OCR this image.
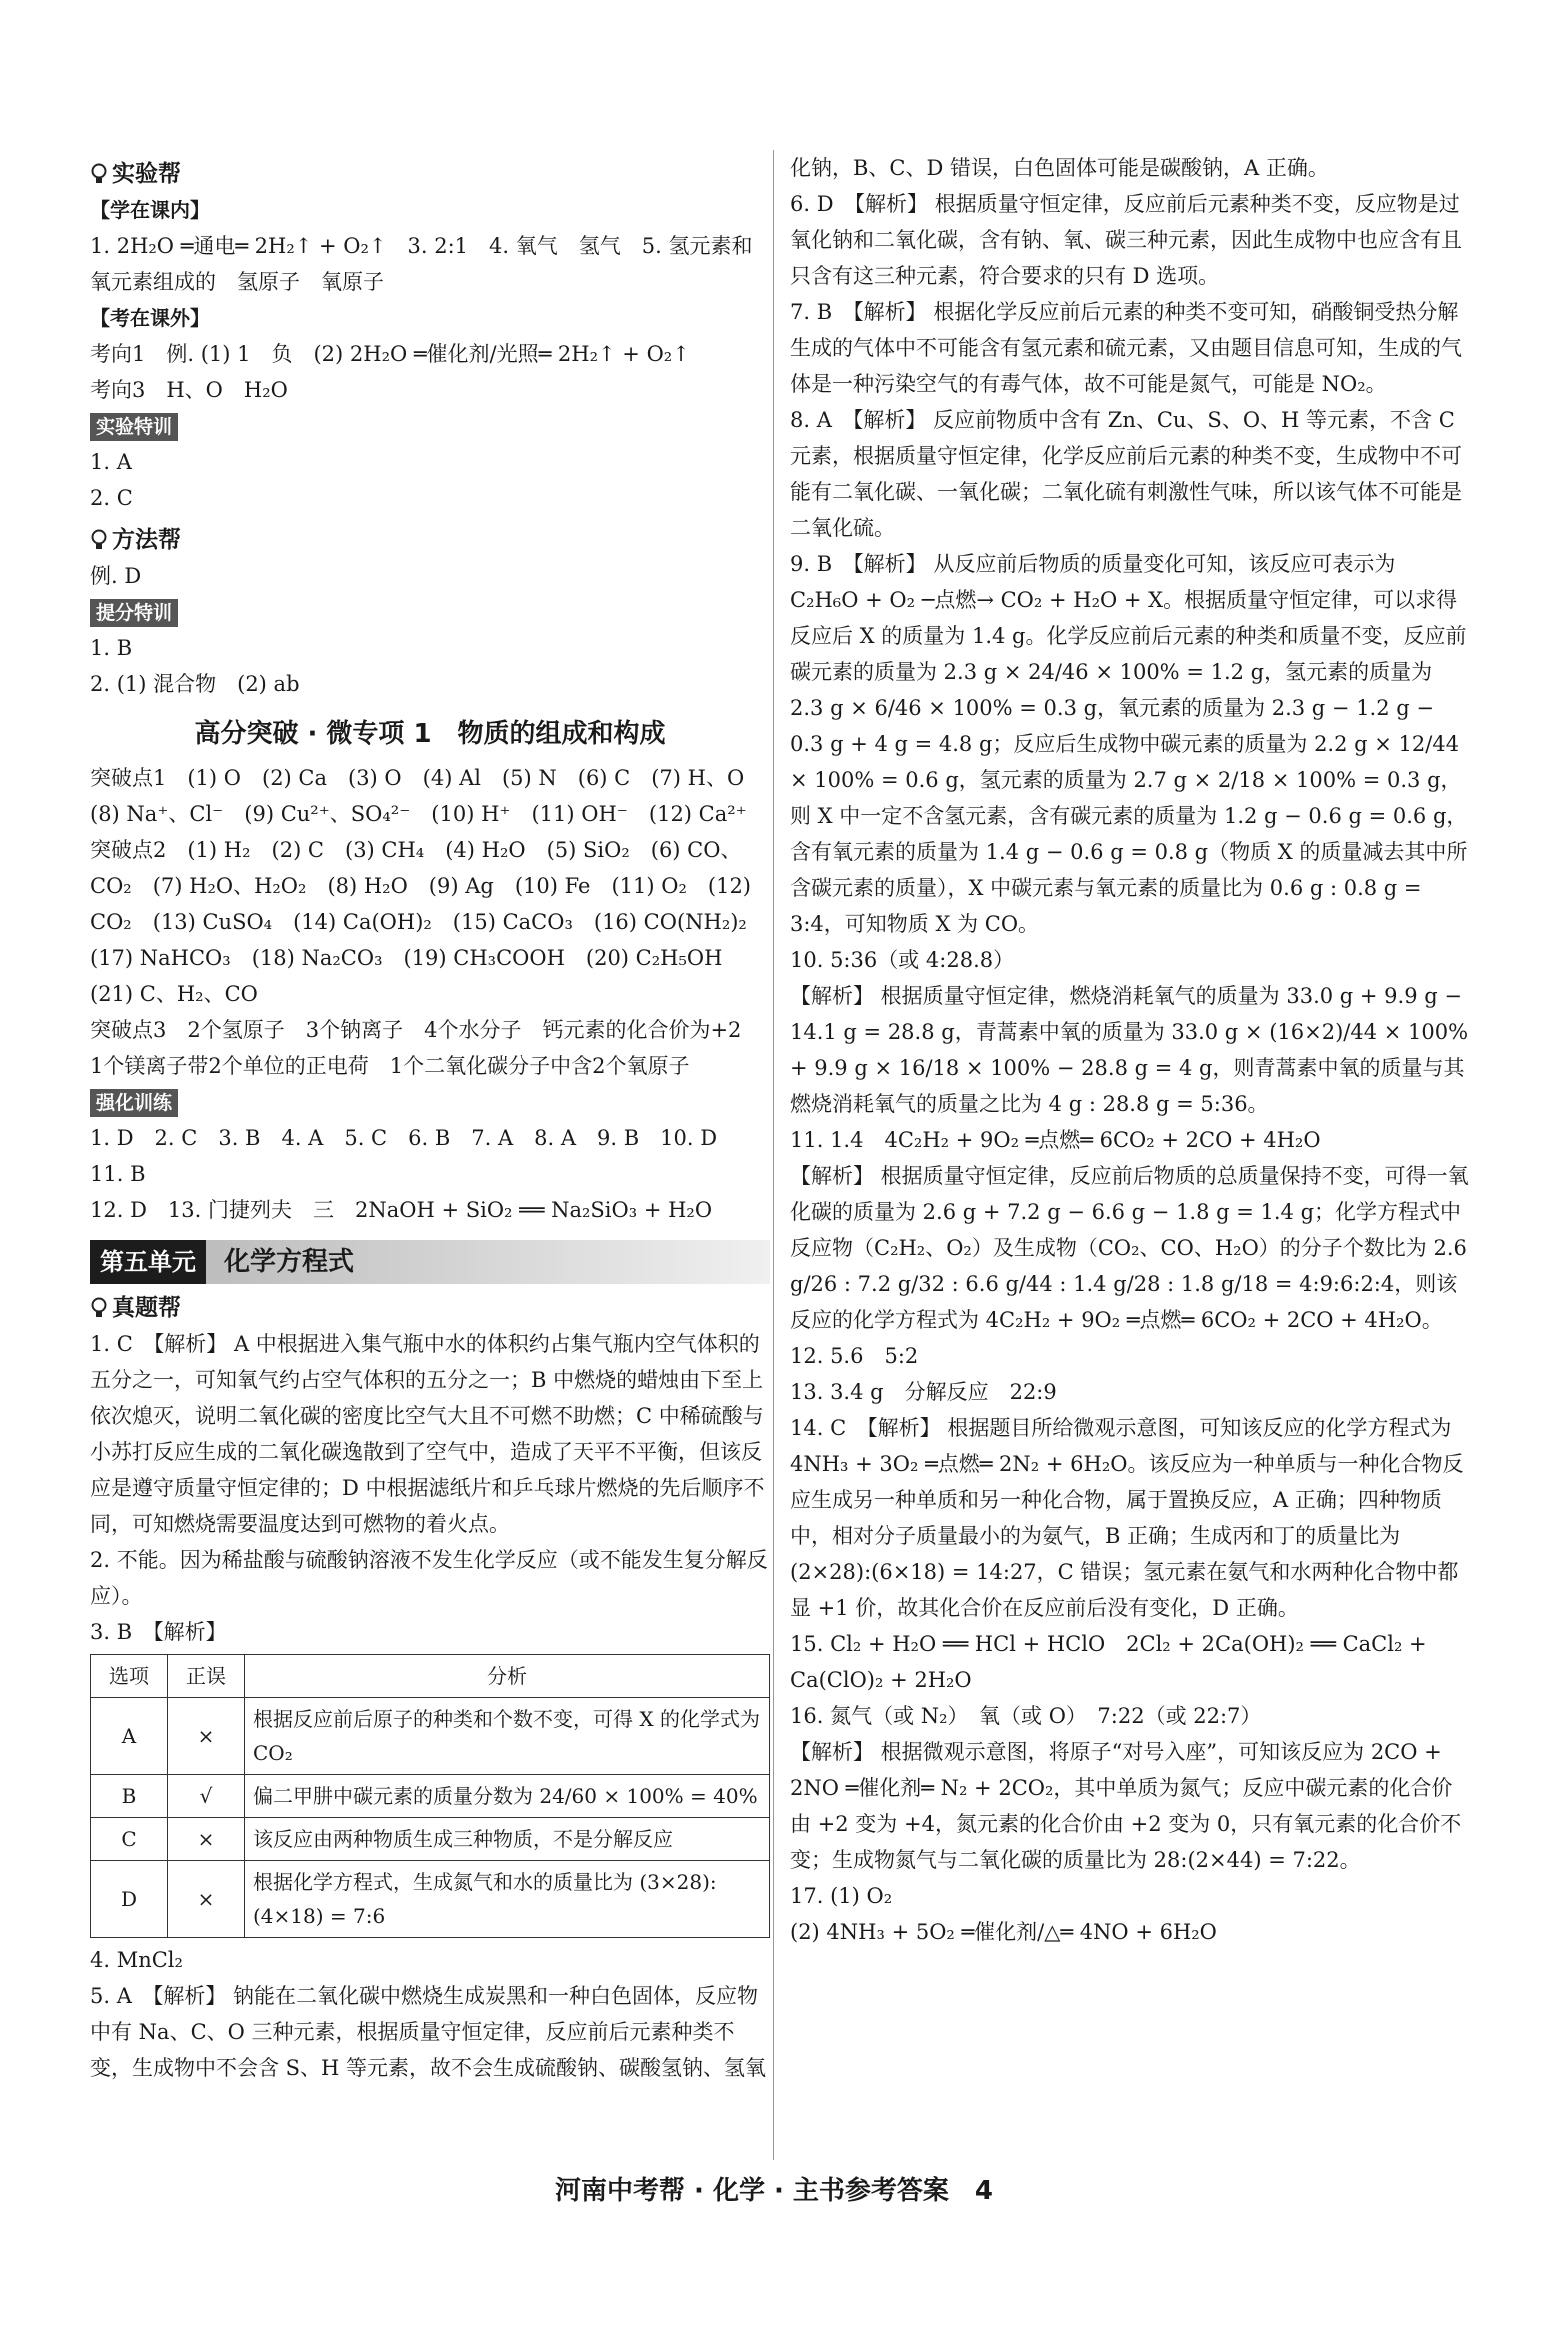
实验帮
【学在课内】
1. 2H₂O ═通电═ 2H₂↑ + O₂↑　3. 2:1　4. 氧气　氢气　5. 氢元素和氧元素组成的　氢原子　氧原子
【考在课外】
考向1　例. (1) 1　负　(2) 2H₂O ═催化剂/光照═ 2H₂↑ + O₂↑
考向3　H、O　H₂O
实验特训
1. A
2. C
方法帮
例. D
提分特训
1. B
2. (1) 混合物　(2) ab
高分突破 · 微专项 1　物质的组成和构成
突破点1　(1) O　(2) Ca　(3) O　(4) Al　(5) N　(6) C　(7) H、O　(8) Na⁺、Cl⁻　(9) Cu²⁺、SO₄²⁻　(10) H⁺　(11) OH⁻　(12) Ca²⁺
突破点2　(1) H₂　(2) C　(3) CH₄　(4) H₂O　(5) SiO₂　(6) CO、CO₂　(7) H₂O、H₂O₂　(8) H₂O　(9) Ag　(10) Fe　(11) O₂　(12) CO₂　(13) CuSO₄　(14) Ca(OH)₂　(15) CaCO₃　(16) CO(NH₂)₂　(17) NaHCO₃　(18) Na₂CO₃　(19) CH₃COOH　(20) C₂H₅OH　(21) C、H₂、CO
突破点3　2个氢原子　3个钠离子　4个水分子　钙元素的化合价为+2　1个镁离子带2个单位的正电荷　1个二氧化碳分子中含2个氧原子
强化训练
1. D　2. C　3. B　4. A　5. C　6. B　7. A　8. A　9. B　10. D　11. B
12. D　13. 门捷列夫　三　2NaOH + SiO₂ ══ Na₂SiO₃ + H₂O
第五单元	化学方程式
真题帮
1. C　【解析】 A 中根据进入集气瓶中水的体积约占集气瓶内空气体积的五分之一，可知氧气约占空气体积的五分之一；B 中燃烧的蜡烛由下至上依次熄灭，说明二氧化碳的密度比空气大且不可燃不助燃；C 中稀硫酸与小苏打反应生成的二氧化碳逸散到了空气中，造成了天平不平衡，但该反应是遵守质量守恒定律的；D 中根据滤纸片和乒乓球片燃烧的先后顺序不同，可知燃烧需要温度达到可燃物的着火点。
2. 不能。因为稀盐酸与硫酸钠溶液不发生化学反应（或不能发生复分解反应）。
3. B　【解析】
选项	正误	分析
A	×	根据反应前后原子的种类和个数不变，可得 X 的化学式为 CO₂
B	√	偏二甲肼中碳元素的质量分数为 24/60 × 100% = 40%
C	×	该反应由两种物质生成三种物质，不是分解反应
D	×	根据化学方程式，生成氮气和水的质量比为 (3×28):(4×18) = 7:6
4. MnCl₂
5. A　【解析】 钠能在二氧化碳中燃烧生成炭黑和一种白色固体，反应物中有 Na、C、O 三种元素，根据质量守恒定律，反应前后元素种类不变，生成物中不会含 S、H 等元素，故不会生成硫酸钠、碳酸氢钠、氢氧
化钠，B、C、D 错误，白色固体可能是碳酸钠，A 正确。
6. D　【解析】 根据质量守恒定律，反应前后元素种类不变，反应物是过氧化钠和二氧化碳，含有钠、氧、碳三种元素，因此生成物中也应含有且只含有这三种元素，符合要求的只有 D 选项。
7. B　【解析】 根据化学反应前后元素的种类不变可知，硝酸铜受热分解生成的气体中不可能含有氢元素和硫元素，又由题目信息可知，生成的气体是一种污染空气的有毒气体，故不可能是氮气，可能是 NO₂。
8. A　【解析】 反应前物质中含有 Zn、Cu、S、O、H 等元素，不含 C 元素，根据质量守恒定律，化学反应前后元素的种类不变，生成物中不可能有二氧化碳、一氧化碳；二氧化硫有刺激性气味，所以该气体不可能是二氧化硫。
9. B　【解析】 从反应前后物质的质量变化可知，该反应可表示为 C₂H₆O + O₂ ─点燃→ CO₂ + H₂O + X。根据质量守恒定律，可以求得反应后 X 的质量为 1.4 g。化学反应前后元素的种类和质量不变，反应前碳元素的质量为 2.3 g × 24/46 × 100% = 1.2 g，氢元素的质量为 2.3 g × 6/46 × 100% = 0.3 g，氧元素的质量为 2.3 g − 1.2 g − 0.3 g + 4 g = 4.8 g；反应后生成物中碳元素的质量为 2.2 g × 12/44 × 100% = 0.6 g，氢元素的质量为 2.7 g × 2/18 × 100% = 0.3 g，则 X 中一定不含氢元素，含有碳元素的质量为 1.2 g − 0.6 g = 0.6 g，含有氧元素的质量为 1.4 g − 0.6 g = 0.8 g（物质 X 的质量减去其中所含碳元素的质量），X 中碳元素与氧元素的质量比为 0.6 g : 0.8 g = 3:4，可知物质 X 为 CO。
10. 5:36（或 4:28.8）
【解析】 根据质量守恒定律，燃烧消耗氧气的质量为 33.0 g + 9.9 g − 14.1 g = 28.8 g，青蒿素中氧的质量为 33.0 g × (16×2)/44 × 100% + 9.9 g × 16/18 × 100% − 28.8 g = 4 g，则青蒿素中氧的质量与其燃烧消耗氧气的质量之比为 4 g : 28.8 g = 5:36。
11. 1.4　4C₂H₂ + 9O₂ ═点燃═ 6CO₂ + 2CO + 4H₂O
【解析】 根据质量守恒定律，反应前后物质的总质量保持不变，可得一氧化碳的质量为 2.6 g + 7.2 g − 6.6 g − 1.8 g = 1.4 g；化学方程式中反应物（C₂H₂、O₂）及生成物（CO₂、CO、H₂O）的分子个数比为 2.6 g/26 : 7.2 g/32 : 6.6 g/44 : 1.4 g/28 : 1.8 g/18 = 4:9:6:2:4，则该反应的化学方程式为 4C₂H₂ + 9O₂ ═点燃═ 6CO₂ + 2CO + 4H₂O。
12. 5.6　5:2
13. 3.4 g　分解反应　22:9
14. C　【解析】 根据题目所给微观示意图，可知该反应的化学方程式为 4NH₃ + 3O₂ ═点燃═ 2N₂ + 6H₂O。该反应为一种单质与一种化合物反应生成另一种单质和另一种化合物，属于置换反应，A 正确；四种物质中，相对分子质量最小的为氨气，B 正确；生成丙和丁的质量比为 (2×28):(6×18) = 14:27，C 错误；氢元素在氨气和水两种化合物中都显 +1 价，故其化合价在反应前后没有变化，D 正确。
15. Cl₂ + H₂O ══ HCl + HClO　2Cl₂ + 2Ca(OH)₂ ══ CaCl₂ + Ca(ClO)₂ + 2H₂O
16. 氮气（或 N₂）　氧（或 O）　7:22（或 22:7）
【解析】 根据微观示意图，将原子“对号入座”，可知该反应为 2CO + 2NO ═催化剂═ N₂ + 2CO₂，其中单质为氮气；反应中碳元素的化合价由 +2 变为 +4，氮元素的化合价由 +2 变为 0，只有氧元素的化合价不变；生成物氮气与二氧化碳的质量比为 28:(2×44) = 7:22。
17. (1) O₂
(2) 4NH₃ + 5O₂ ═催化剂/△═ 4NO + 6H₂O
河南中考帮 · 化学 · 主书参考答案　4
